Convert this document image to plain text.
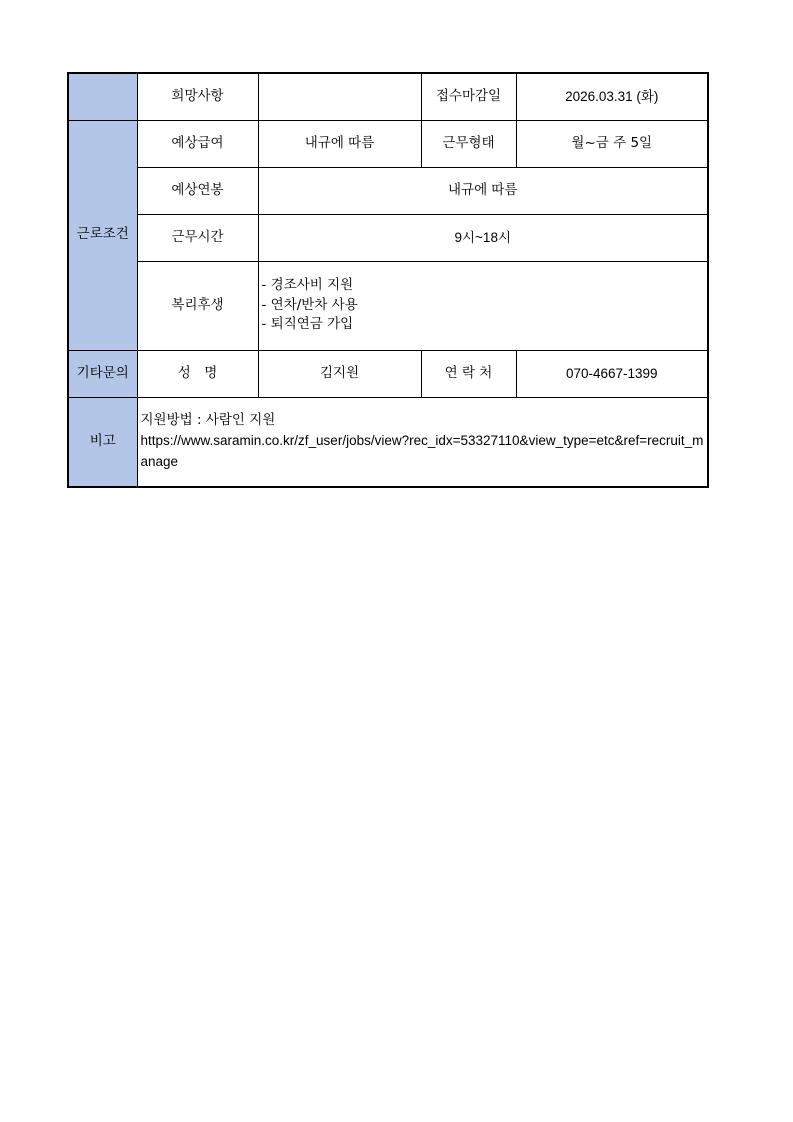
	희망사항		접수마감일	2026.03.31 (화)
근로조건	예상급여	내규에 따름	근무형태	월~금 주 5일
	예상연봉	내규에 따름		
	근무시간	9시~18시		
	복리후생	- 경조사비 지원
- 연차/반차 사용
- 퇴직연금 가입		

기타문의	성　명	김지원	연 락 처	070-4667-1399
비고	지원방법 : 사람인 지원
https://www.saramin.co.kr/zf_user/jobs/view?rec_idx=53327110&view_type=etc&ref=recruit_manage			
